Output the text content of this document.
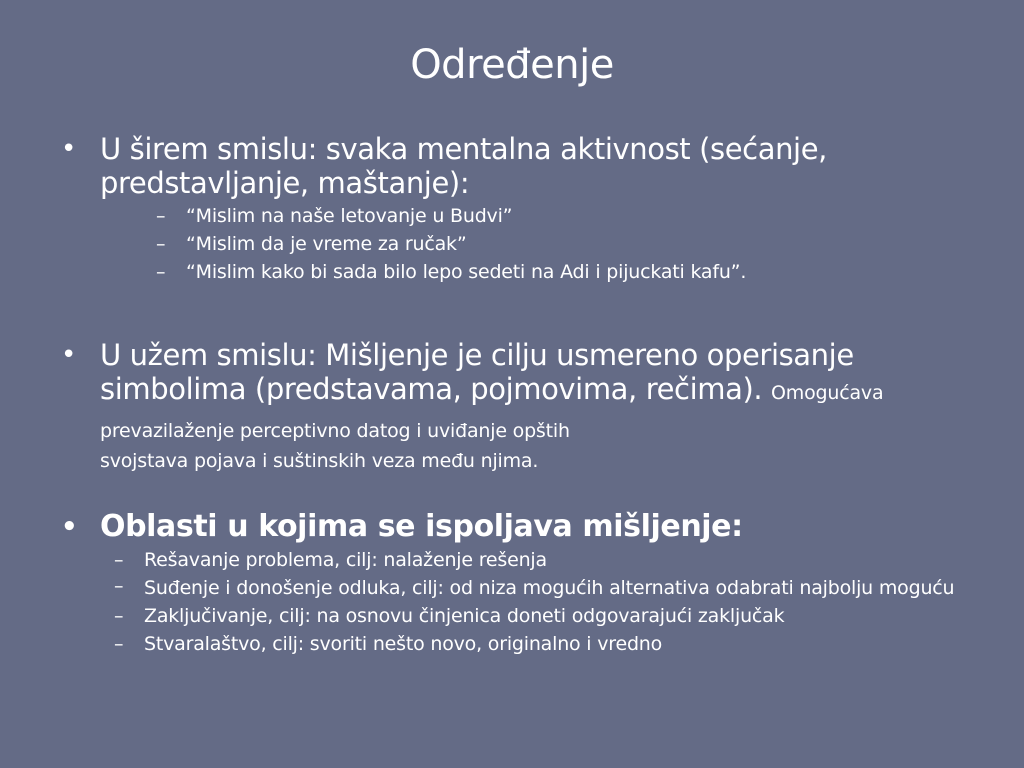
Određenje
• U širem smislu: svaka mentalna aktivnost (sećanje, predstavljanje, maštanje):
– “Mislim na naše letovanje u Budvi”
– “Mislim da je vreme za ručak”
– “Mislim kako bi sada bilo lepo sedeti na Adi i pijuckati kafu”.
• U užem smislu: Mišljenje je cilju usmereno operisanje simbolima (predstavama, pojmovima, rečima). Omogućava prevazilaženje perceptivno datog i uviđanje opštih
svojstava pojava i suštinskih veza među njima.
• Oblasti u kojima se ispoljava mišljenje:
– Rešavanje problema, cilj: nalaženje rešenja
– Suđenje i donošenje odluka, cilj: od niza mogućih alternativa odabrati najbolju moguću
– Zaključivanje, cilj: na osnovu činjenica doneti odgovarajući zaključak
– Stvaralaštvo, cilj: svoriti nešto novo, originalno i vredno
